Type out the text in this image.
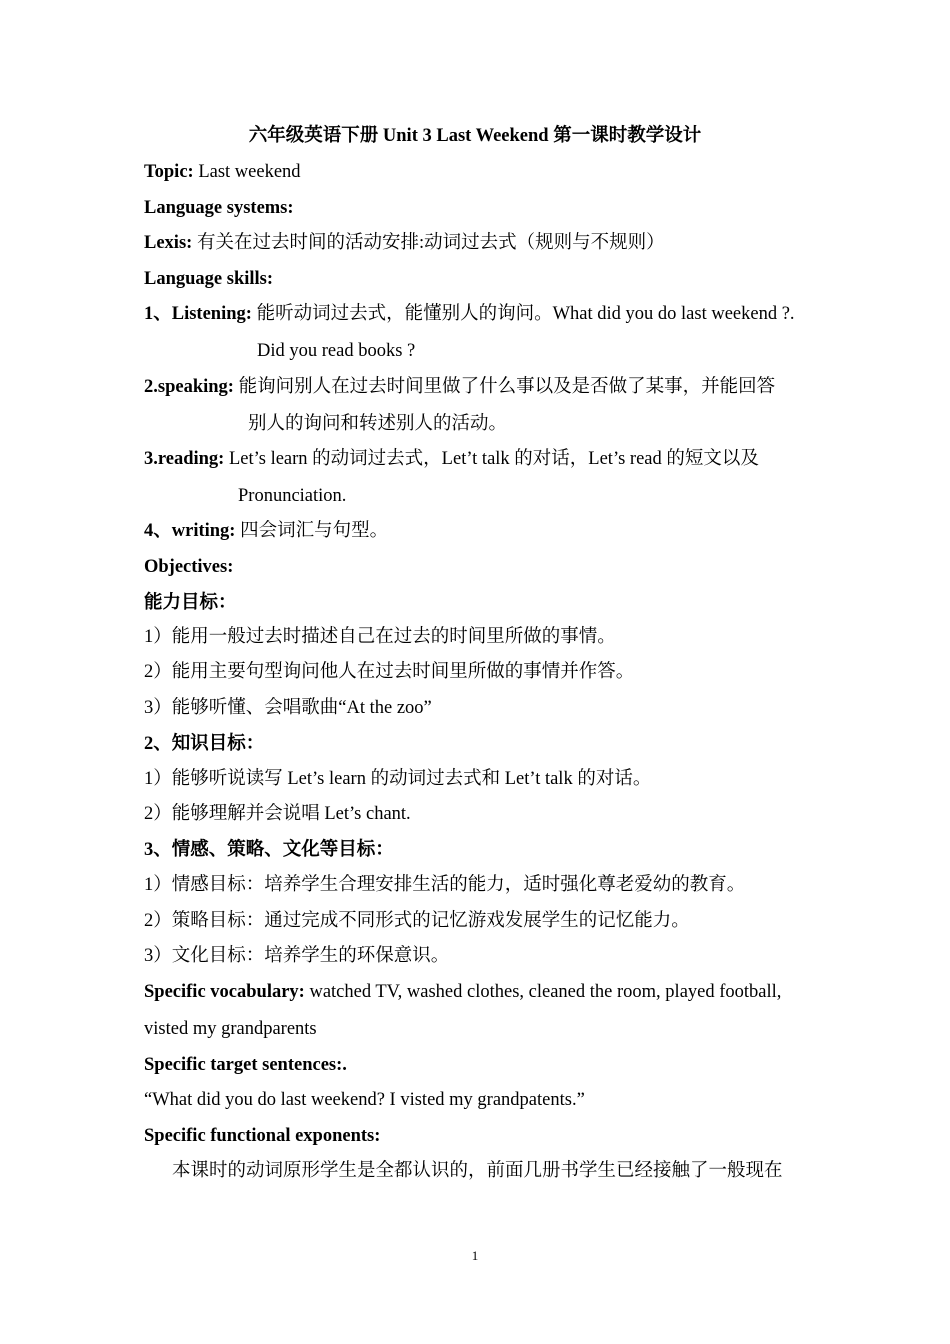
六年级英语下册 Unit 3 Last Weekend 第一课时教学设计
Topic: Last weekend
Language systems:
Lexis: 有关在过去时间的活动安排:动词过去式（规则与不规则）
Language skills:
1、Listening: 能听动词过去式，能懂别人的询问。What did you do last weekend ?.
Did you read books ?
2.speaking: 能询问别人在过去时间里做了什么事以及是否做了某事，并能回答
别人的询问和转述别人的活动。
3.reading: Let’s learn 的动词过去式，Let’t talk 的对话，Let’s read 的短文以及
Pronunciation.
4、writing: 四会词汇与句型。
Objectives:
能力目标：
1）能用一般过去时描述自己在过去的时间里所做的事情。
2）能用主要句型询问他人在过去时间里所做的事情并作答。
3）能够听懂、会唱歌曲“At the zoo”
2、知识目标：
1）能够听说读写 Let’s learn 的动词过去式和 Let’t talk 的对话。
2）能够理解并会说唱 Let’s chant.
3、情感、策略、文化等目标：
1）情感目标：培养学生合理安排生活的能力，适时强化尊老爱幼的教育。
2）策略目标：通过完成不同形式的记忆游戏发展学生的记忆能力。
3）文化目标：培养学生的环保意识。
Specific vocabulary: watched TV, washed clothes, cleaned the room, played football,
visted my grandparents
Specific target sentences:.
“What did you do last weekend? I visted my grandpatents.”
Specific functional exponents:
本课时的动词原形学生是全都认识的，前面几册书学生已经接触了一般现在
1
